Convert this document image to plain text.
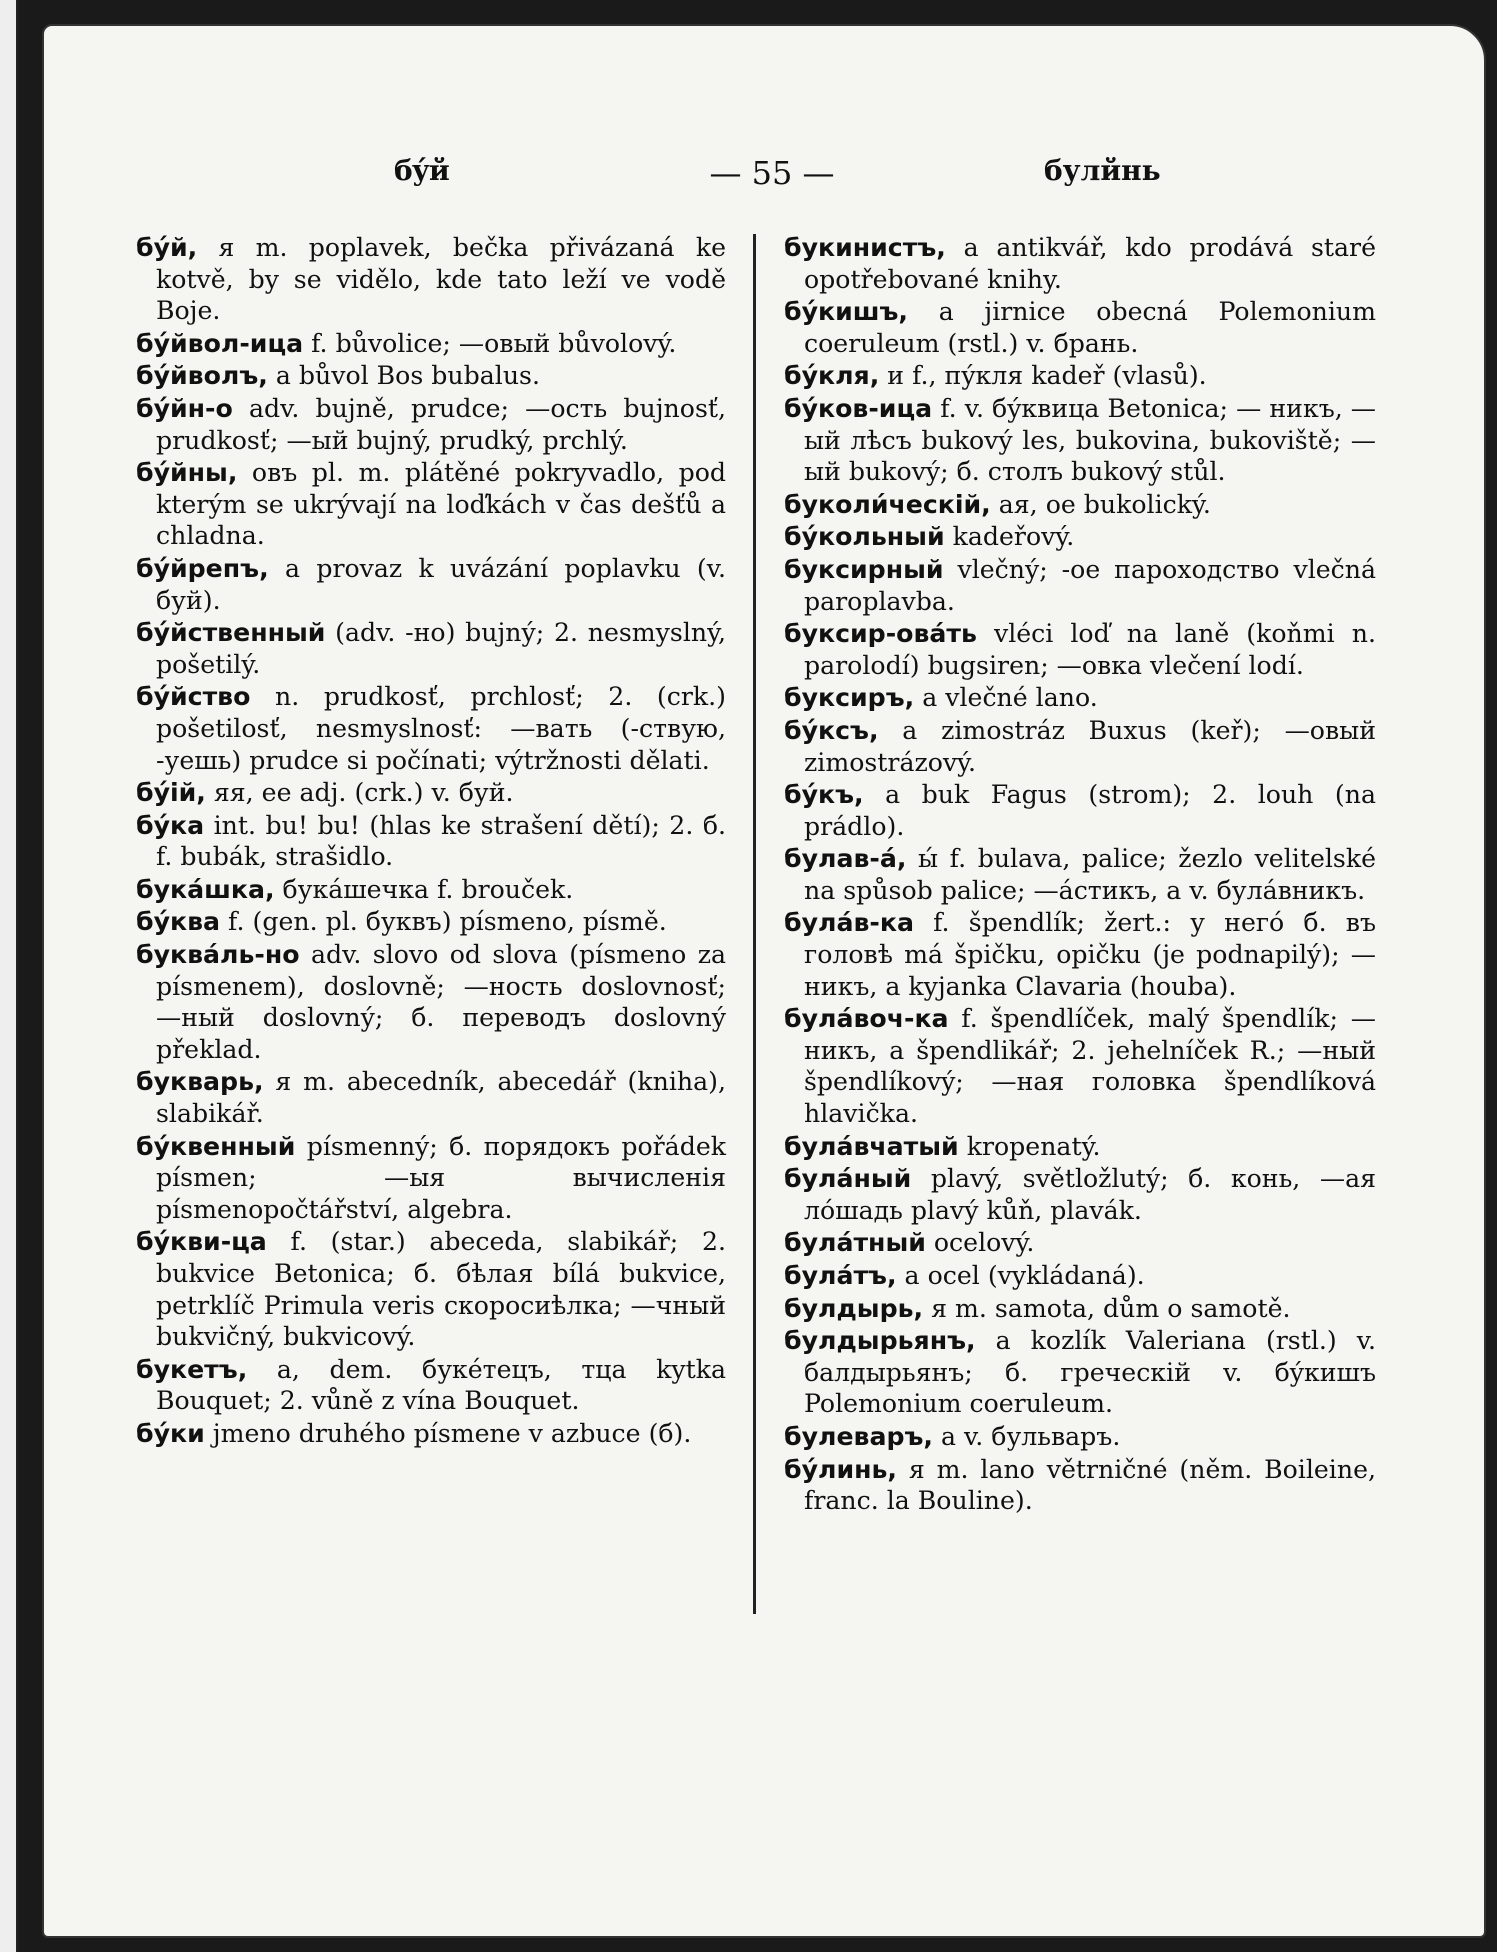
бýй	— 55 —	булйнь
бýй, я m. poplavek, bečka přivázaná ke kotvě, by se vidělo, kde tato leží ve vodě Boje.
бýйвол-ица f. bůvolice; —овый bůvolový.
бýйволъ, a bůvol Bos bubalus.
бýйн-о adv. bujně, prudce; —ость bujnosť, prudkosť; —ый bujný, prudký, prchlý.
бýйны, овъ pl. m. plátěné pokryvadlo, pod kterým se ukrývají na loďkách v čas dešťů a chladna.
бýйрепъ, a provaz k uvázání poplavku (v. буй).
бýйственный (adv. -но) bujný; 2. nesmyslný, pošetilý.
бýйство n. prudkosť, prchlosť; 2. (crk.) pošetilosť, nesmyslnosť: —вать (-ствую, -уешь) prudce si počínati; výtržnosti dělati.
бýій, яя, ее adj. (crk.) v. буй.
бýка int. bu! bu! (hlas ke strašení dětí); 2. б. f. bubák, strašidlo.
букáшка, букáшечка f. brouček.
бýква f. (gen. pl. буквъ) písmeno, písmě.
буквáль-но adv. slovo od slova (písmeno za písmenem), doslovně; —ность doslovnosť; —ный doslovný; б. переводъ doslovný překlad.
букварь, я m. abecedník, abecedář (kniha), slabikář.
бýквенный písmenný; б. порядокъ pořádek písmen; —ыя вычисленія písmenopočtářství, algebra.
бýкви-ца f. (star.) abeceda, slabikář; 2. bukvice Betonica; б. бѣлая bílá bukvice, petrklíč Primula veris скоросиѣлка; —чный bukvičný, bukvicový.
букетъ, a, dem. букéтецъ, тца kytka Bouquet; 2. vůně z vína Bouquet.
бýки jmeno druhého písmene v azbuce (б).
букинистъ, a antikvář, kdo prodává staré opotřebované knihy.
бýкишъ, a jirnice obecná Polemonium coeruleum (rstl.) v. брань.
бýкля, и f., пýкля kadeř (vlasů).
бýков-ица f. v. бýквица Betonica; — никъ, —ый лѣсъ bukový les, bukovina, bukoviště; —ый bukový; б. столъ bukový stůl.
буколи́ческій, ая, ое bukolický.
бýкольный kadeřový.
буксирный vlečný; -ое пароходство vlečná paroplavba.
буксир-овáть vléci loď na laně (koňmi n. parolodí) bugsiren; —овка vlečení lodí.
буксиръ, a vlečné lano.
бýксъ, a zimostráz Buxus (keř); —овый zimostrázový.
бýкъ, a buk Fagus (strom); 2. louh (na prádlo).
булав-á, ы́ f. bulava, palice; žezlo velitelské na spůsob palice; —áстикъ, a v. булáвникъ.
булáв-ка f. špendlík; žert.: у негó б. въ головѣ má špičku, opičku (je podnapilý); —никъ, a kyjanka Clavaria (houba).
булáвоч-ка f. špendlíček, malý špendlík; —никъ, a špendlikář; 2. jehelníček R.; —ный špendlíkový; —ная головка špendlíková hlavička.
булáвчатый kropenatý.
булáный plavý, světložlutý; б. конь, —ая лóшадь plavý kůň, plavák.
булáтный ocelový.
булáтъ, a ocel (vykládaná).
булдырь, я m. samota, dům o samotě.
булдырьянъ, a kozlík Valeriana (rstl.) v. балдырьянъ; б. греческій v. бýкишъ Polemonium coeruleum.
булеваръ, a v. бульваръ.
бýлинь, я m. lano větrničné (něm. Boileine, franc. la Bouline).
